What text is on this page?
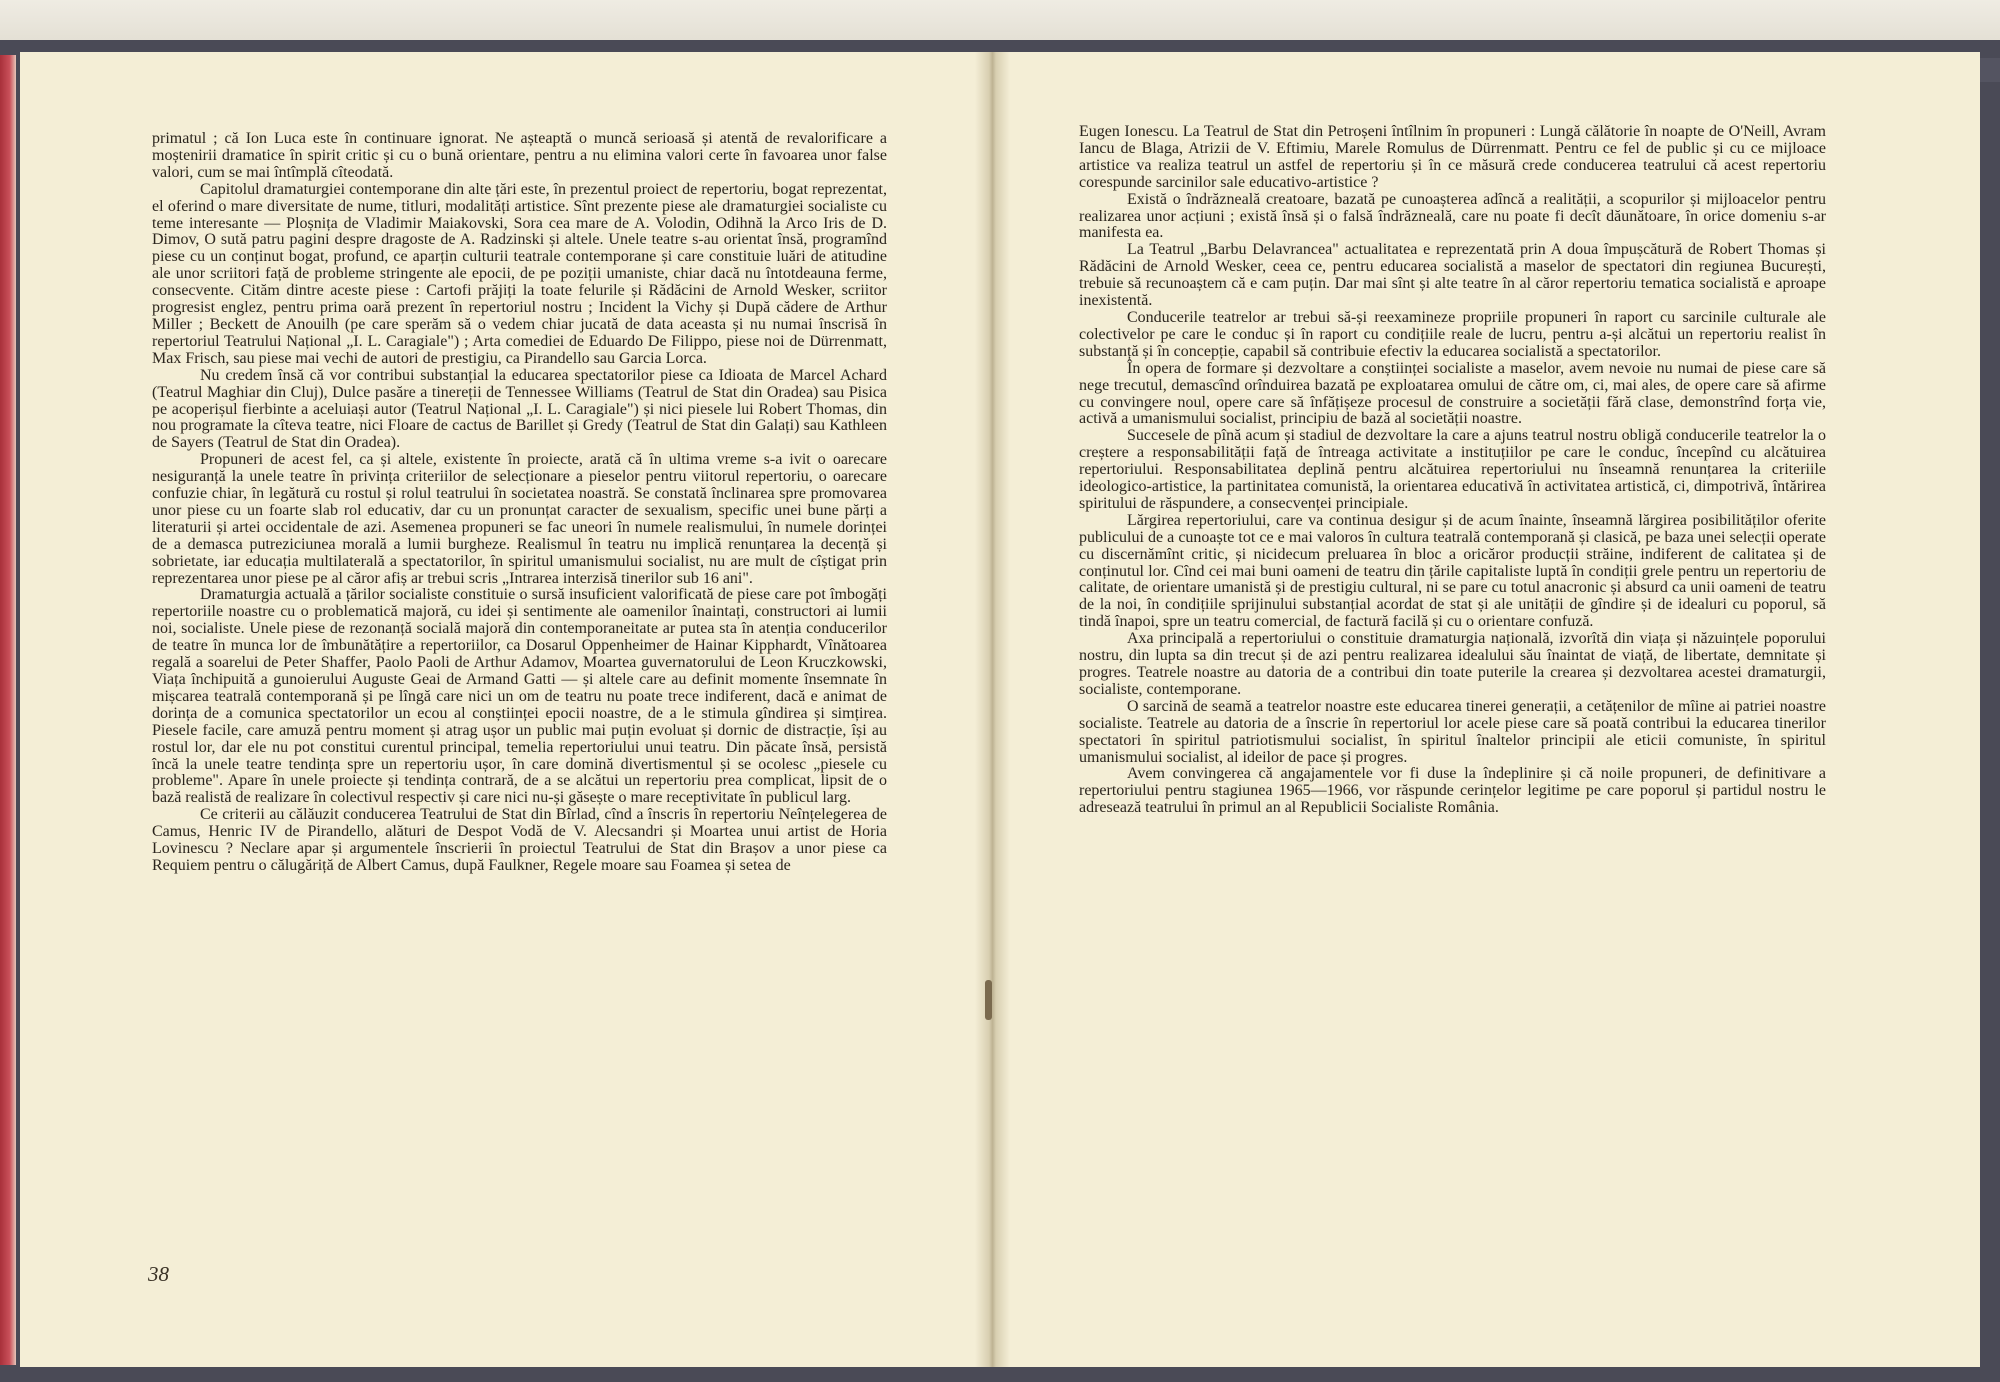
primatul ; că Ion Luca este în continuare ignorat. Ne așteaptă o muncă serioasă și atentă de revalorificare a moștenirii dramatice în spirit critic și cu o bună orientare, pentru a nu elimina valori certe în favoarea unor false valori, cum se mai întîmplă cîteodată.

Capitolul dramaturgiei contemporane din alte țări este, în prezentul proiect de repertoriu, bogat reprezentat, el oferind o mare diversitate de nume, titluri, modalități artistice. Sînt prezente piese ale dramaturgiei socialiste cu teme interesante — Ploșnița de Vladimir Maiakovski, Sora cea mare de A. Volodin, Odihnă la Arco Iris de D. Dimov, O sută patru pagini despre dragoste de A. Radzinski și altele. Unele teatre s-au orientat însă, programînd piese cu un conținut bogat, profund, ce aparțin culturii teatrale contemporane și care constituie luări de atitudine ale unor scriitori față de probleme stringente ale epocii, de pe poziții umaniste, chiar dacă nu întotdeauna ferme, consecvente. Cităm dintre aceste piese : Cartofi prăjiți la toate felurile și Rădăcini de Arnold Wesker, scriitor progresist englez, pentru prima oară prezent în repertoriul nostru ; Incident la Vichy și După cădere de Arthur Miller ; Beckett de Anouilh (pe care sperăm să o vedem chiar jucată de data aceasta și nu numai înscrisă în repertoriul Teatrului Național „I. L. Caragiale") ; Arta comediei de Eduardo De Filippo, piese noi de Dürrenmatt, Max Frisch, sau piese mai vechi de autori de prestigiu, ca Pirandello sau Garcia Lorca.

Nu credem însă că vor contribui substanțial la educarea spectatorilor piese ca Idioata de Marcel Achard (Teatrul Maghiar din Cluj), Dulce pasăre a tinereții de Tennessee Williams (Teatrul de Stat din Oradea) sau Pisica pe acoperișul fierbinte a aceluiași autor (Teatrul Național „I. L. Caragiale") și nici piesele lui Robert Thomas, din nou programate la cîteva teatre, nici Floare de cactus de Barillet și Gredy (Teatrul de Stat din Galați) sau Kathleen de Sayers (Teatrul de Stat din Oradea).

Propuneri de acest fel, ca și altele, existente în proiecte, arată că în ultima vreme s-a ivit o oarecare nesiguranță la unele teatre în privința criteriilor de selecționare a pieselor pentru viitorul repertoriu, o oarecare confuzie chiar, în legătură cu rostul și rolul teatrului în societatea noastră. Se constată înclinarea spre promovarea unor piese cu un foarte slab rol educativ, dar cu un pronunțat caracter de sexualism, specific unei bune părți a literaturii și artei occidentale de azi. Asemenea propuneri se fac uneori în numele realismului, în numele dorinței de a demasca putreziciunea morală a lumii burgheze. Realismul în teatru nu implică renunțarea la decență și sobrietate, iar educația multilaterală a spectatorilor, în spiritul umanismului socialist, nu are mult de cîștigat prin reprezentarea unor piese pe al căror afiș ar trebui scris „Intrarea interzisă tinerilor sub 16 ani".

Dramaturgia actuală a țărilor socialiste constituie o sursă insuficient valorificată de piese care pot îmbogăți repertoriile noastre cu o problematică majoră, cu idei și sentimente ale oamenilor înaintați, constructori ai lumii noi, socialiste. Unele piese de rezonanță socială majoră din contemporaneitate ar putea sta în atenția conducerilor de teatre în munca lor de îmbunătățire a repertoriilor, ca Dosarul Oppenheimer de Hainar Kipphardt, Vînătoarea regală a soarelui de Peter Shaffer, Paolo Paoli de Arthur Adamov, Moartea guvernatorului de Leon Kruczkowski, Viața închipuită a gunoierului Auguste Geai de Armand Gatti — și altele care au definit momente însemnate în mișcarea teatrală contemporană și pe lîngă care nici un om de teatru nu poate trece indiferent, dacă e animat de dorința de a comunica spectatorilor un ecou al conștiinței epocii noastre, de a le stimula gîndirea și simțirea. Piesele facile, care amuză pentru moment și atrag ușor un public mai puțin evoluat și dornic de distracție, își au rostul lor, dar ele nu pot constitui curentul principal, temelia repertoriului unui teatru. Din păcate însă, persistă încă la unele teatre tendința spre un repertoriu ușor, în care domină divertismentul și se ocolesc „piesele cu probleme". Apare în unele proiecte și tendința contrară, de a se alcătui un repertoriu prea complicat, lipsit de o bază realistă de realizare în colectivul respectiv și care nici nu-și găsește o mare receptivitate în publicul larg.

Ce criterii au călăuzit conducerea Teatrului de Stat din Bîrlad, cînd a înscris în repertoriu Neînțelegerea de Camus, Henric IV de Pirandello, alături de Despot Vodă de V. Alecsandri și Moartea unui artist de Horia Lovinescu ? Neclare apar și argumentele înscrierii în proiectul Teatrului de Stat din Brașov a unor piese ca Requiem pentru o călugăriță de Albert Camus, după Faulkner, Regele moare sau Foamea și setea de

38

Eugen Ionescu. La Teatrul de Stat din Petroșeni întîlnim în propuneri : Lungă călătorie în noapte de O'Neill, Avram Iancu de Blaga, Atrizii de V. Eftimiu, Marele Romulus de Dürrenmatt. Pentru ce fel de public și cu ce mijloace artistice va realiza teatrul un astfel de repertoriu și în ce măsură crede conducerea teatrului că acest repertoriu corespunde sarcinilor sale educativo-artistice ?

Există o îndrăzneală creatoare, bazată pe cunoașterea adîncă a realității, a scopurilor și mijloacelor pentru realizarea unor acțiuni ; există însă și o falsă îndrăzneală, care nu poate fi decît dăunătoare, în orice domeniu s-ar manifesta ea.

La Teatrul „Barbu Delavrancea" actualitatea e reprezentată prin A doua împușcătură de Robert Thomas și Rădăcini de Arnold Wesker, ceea ce, pentru educarea socialistă a maselor de spectatori din regiunea București, trebuie să recunoaștem că e cam puțin. Dar mai sînt și alte teatre în al căror repertoriu tematica socialistă e aproape inexistentă.

Conducerile teatrelor ar trebui să-și reexamineze propriile propuneri în raport cu sarcinile culturale ale colectivelor pe care le conduc și în raport cu condițiile reale de lucru, pentru a-și alcătui un repertoriu realist în substanță și în concepție, capabil să contribuie efectiv la educarea socialistă a spectatorilor.

În opera de formare și dezvoltare a conștiinței socialiste a maselor, avem nevoie nu numai de piese care să nege trecutul, demascînd orînduirea bazată pe exploatarea omului de către om, ci, mai ales, de opere care să afirme cu convingere noul, opere care să înfățișeze procesul de construire a societății fără clase, demonstrînd forța vie, activă a umanismului socialist, principiu de bază al societății noastre.

Succesele de pînă acum și stadiul de dezvoltare la care a ajuns teatrul nostru obligă conducerile teatrelor la o creștere a responsabilității față de întreaga activitate a instituțiilor pe care le conduc, începînd cu alcătuirea repertoriului. Responsabilitatea deplină pentru alcătuirea repertoriului nu înseamnă renunțarea la criteriile ideologico-artistice, la partinitatea comunistă, la orientarea educativă în activitatea artistică, ci, dimpotrivă, întărirea spiritului de răspundere, a consecvenței principiale.

Lărgirea repertoriului, care va continua desigur și de acum înainte, înseamnă lărgirea posibilităților oferite publicului de a cunoaște tot ce e mai valoros în cultura teatrală contemporană și clasică, pe baza unei selecții operate cu discernămînt critic, și nicidecum preluarea în bloc a oricăror producții străine, indiferent de calitatea și de conținutul lor. Cînd cei mai buni oameni de teatru din țările capitaliste luptă în condiții grele pentru un repertoriu de calitate, de orientare umanistă și de prestigiu cultural, ni se pare cu totul anacronic și absurd ca unii oameni de teatru de la noi, în condițiile sprijinului substanțial acordat de stat și ale unității de gîndire și de idealuri cu poporul, să tindă înapoi, spre un teatru comercial, de factură facilă și cu o orientare confuză.

Axa principală a repertoriului o constituie dramaturgia națională, izvorîtă din viața și năzuințele poporului nostru, din lupta sa din trecut și de azi pentru realizarea idealului său înaintat de viață, de libertate, demnitate și progres. Teatrele noastre au datoria de a contribui din toate puterile la crearea și dezvoltarea acestei dramaturgii, socialiste, contemporane.

O sarcină de seamă a teatrelor noastre este educarea tinerei generații, a cetățenilor de mîine ai patriei noastre socialiste. Teatrele au datoria de a înscrie în repertoriul lor acele piese care să poată contribui la educarea tinerilor spectatori în spiritul patriotismului socialist, în spiritul înaltelor principii ale eticii comuniste, în spiritul umanismului socialist, al ideilor de pace și progres.

Avem convingerea că angajamentele vor fi duse la îndeplinire și că noile propuneri, de definitivare a repertoriului pentru stagiunea 1965—1966, vor răspunde cerințelor legitime pe care poporul și partidul nostru le adresează teatrului în primul an al Republicii Socialiste România.
